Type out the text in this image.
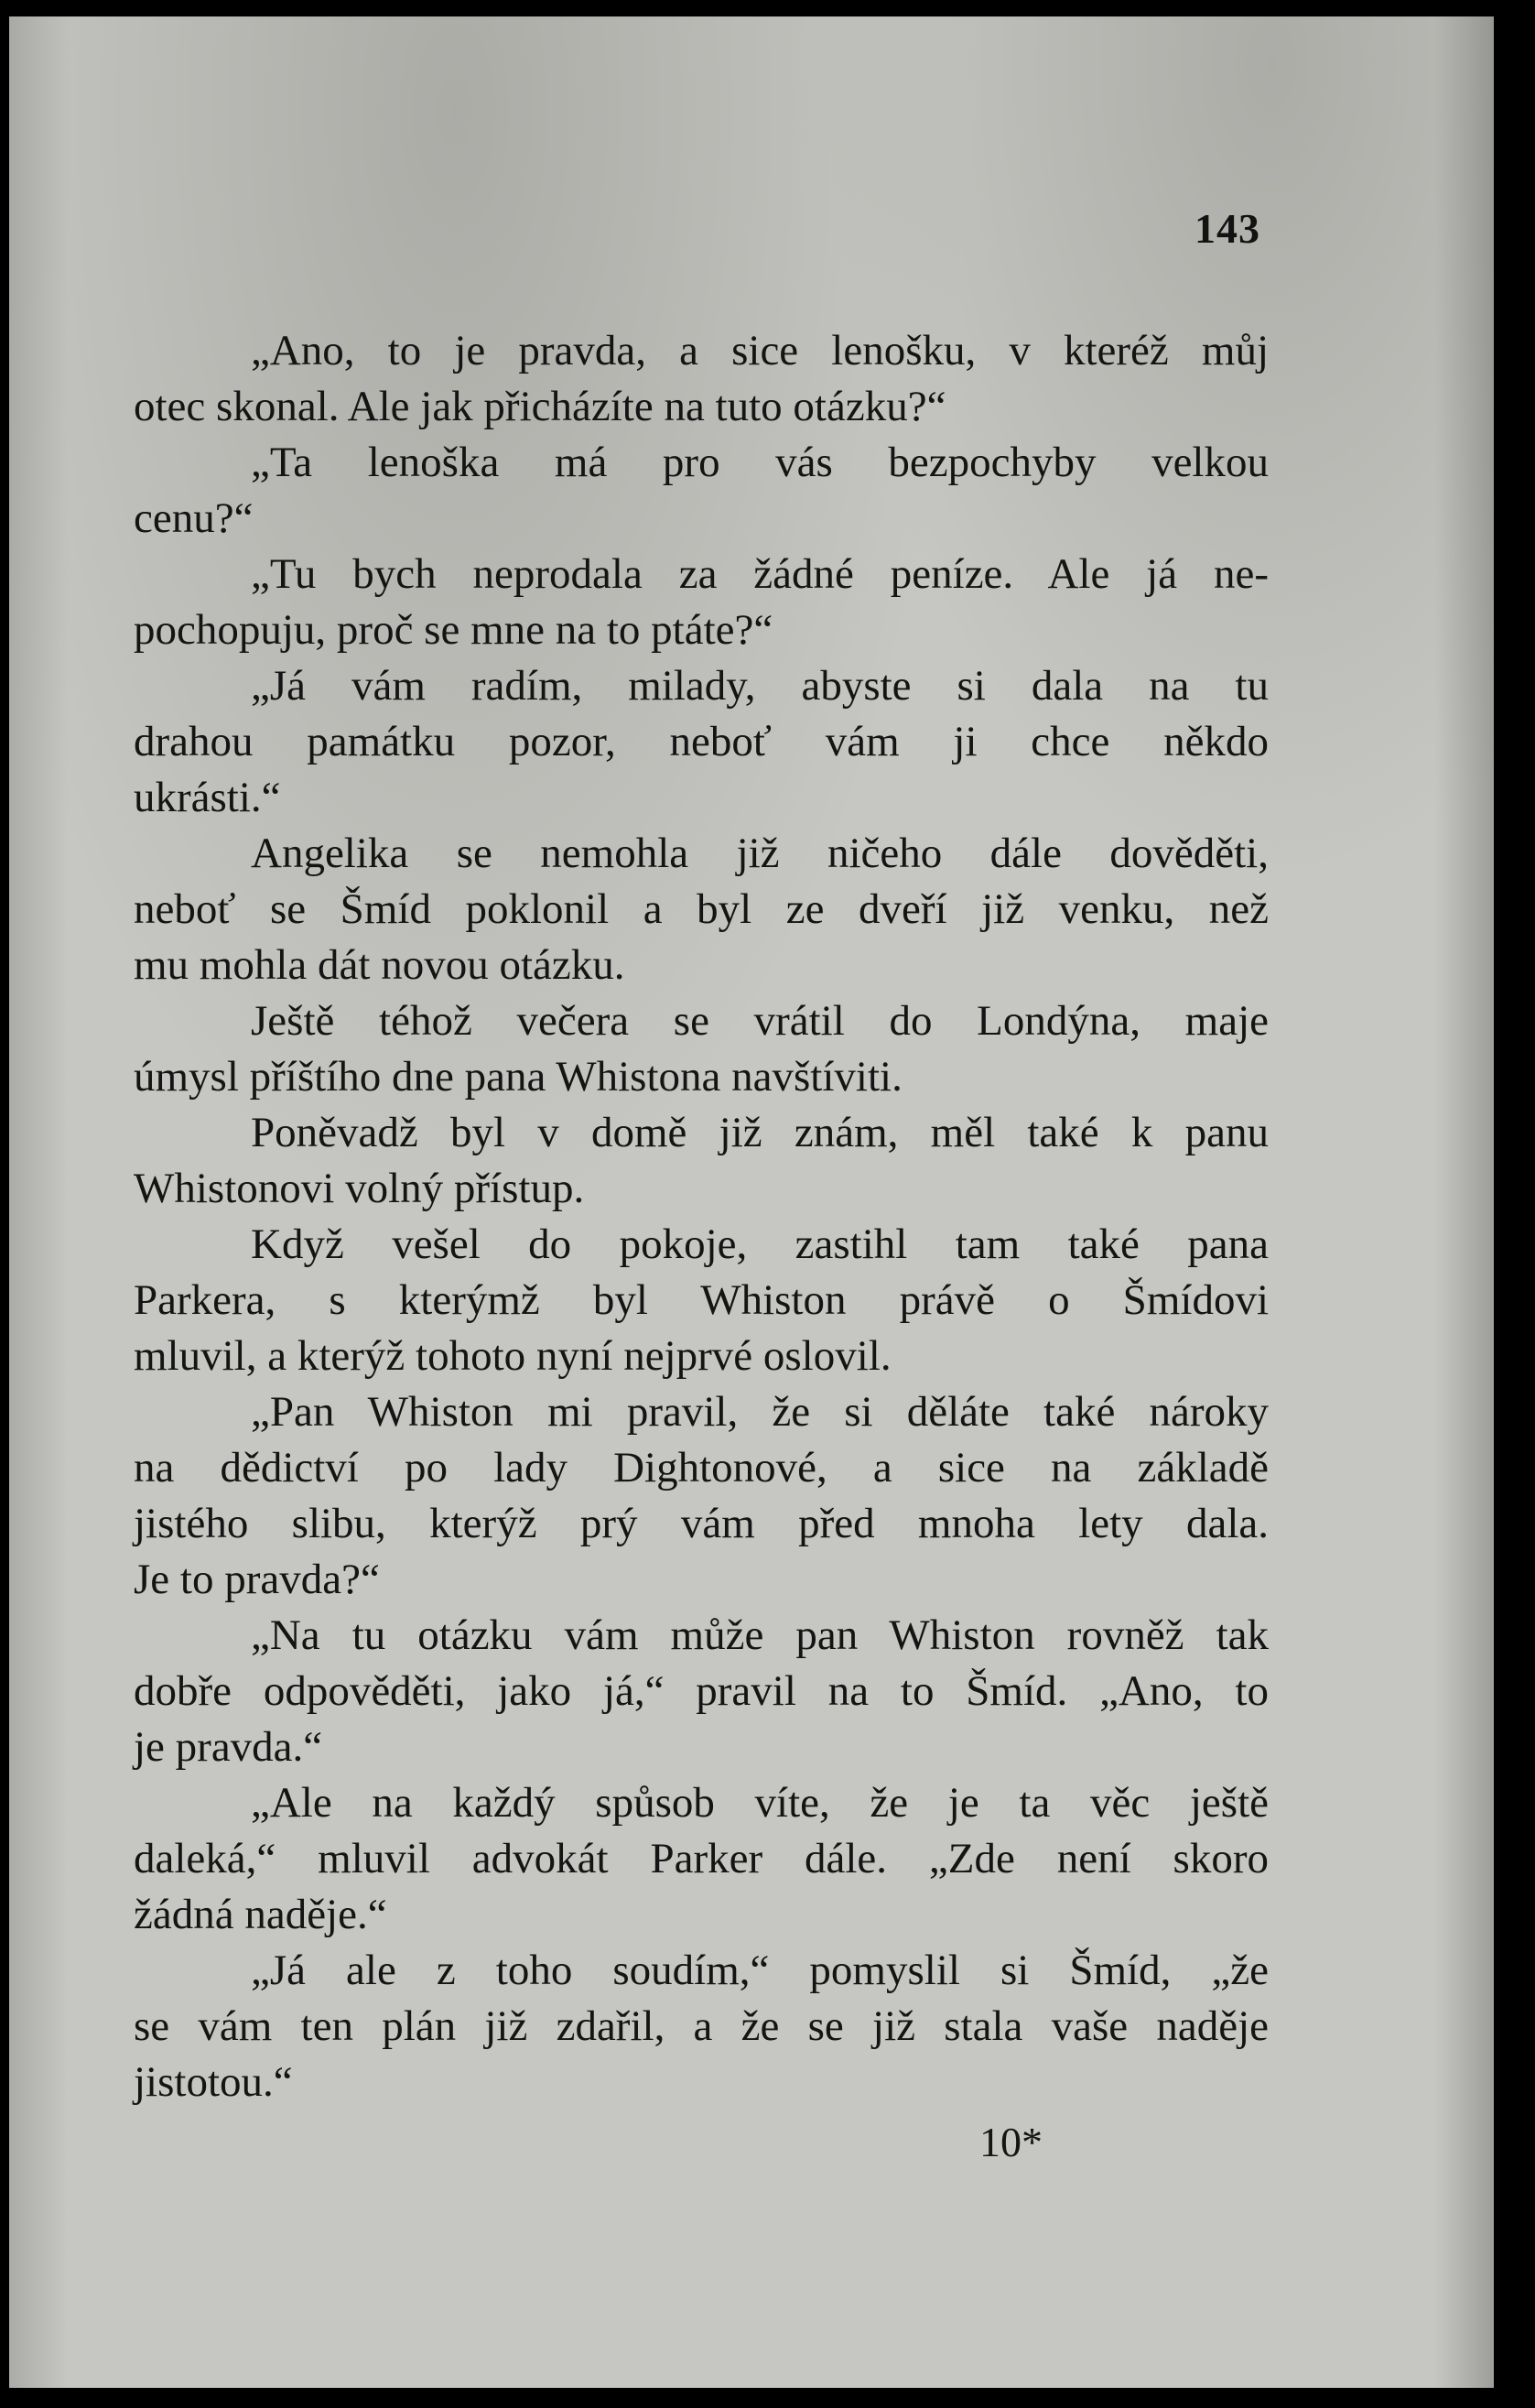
143
„Ano, to je pravda, a sice lenošku, v kteréž můj
otec skonal. Ale jak přicházíte na tuto otázku?“
„Ta lenoška má pro vás bezpochyby velkou
cenu?“
„Tu bych neprodala za žádné peníze. Ale já ne-
pochopuju, proč se mne na to ptáte?“
„Já vám radím, milady, abyste si dala na tu
drahou památku pozor, neboť vám ji chce někdo
ukrásti.“
Angelika se nemohla již ničeho dále dověděti,
neboť se Šmíd poklonil a byl ze dveří již venku, než
mu mohla dát novou otázku.
Ještě téhož večera se vrátil do Londýna, maje
úmysl příštího dne pana Whistona navštíviti.
Poněvadž byl v domě již znám, měl také k panu
Whistonovi volný přístup.
Když vešel do pokoje, zastihl tam také pana
Parkera, s kterýmž byl Whiston právě o Šmídovi
mluvil, a kterýž tohoto nyní nejprvé oslovil.
„Pan Whiston mi pravil, že si děláte také nároky
na dědictví po lady Dightonové, a sice na základě
jistého slibu, kterýž prý vám před mnoha lety dala.
Je to pravda?“
„Na tu otázku vám může pan Whiston rovněž tak
dobře odpověděti, jako já,“ pravil na to Šmíd. „Ano, to
je pravda.“
„Ale na každý spůsob víte, že je ta věc ještě
daleká,“ mluvil advokát Parker dále. „Zde není skoro
žádná naděje.“
„Já ale z toho soudím,“ pomyslil si Šmíd, „že
se vám ten plán již zdařil, a že se již stala vaše naděje
jistotou.“
10*
